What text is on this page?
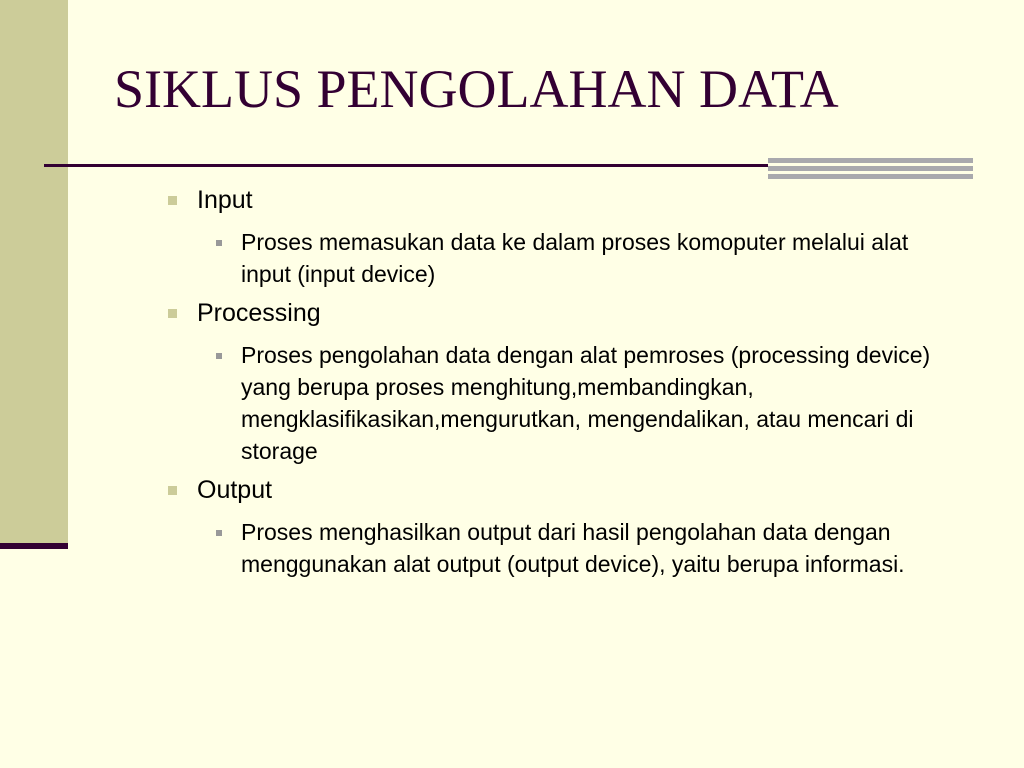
SIKLUS PENGOLAHAN DATA
Input
Proses memasukan data ke dalam proses komoputer melalui alat input (input device)
Processing
Proses pengolahan data dengan alat pemroses (processing device) yang berupa proses menghitung,membandingkan, mengklasifikasikan,mengurutkan, mengendalikan, atau mencari di storage
Output
Proses menghasilkan output dari hasil pengolahan data dengan menggunakan alat output (output device), yaitu berupa informasi.
